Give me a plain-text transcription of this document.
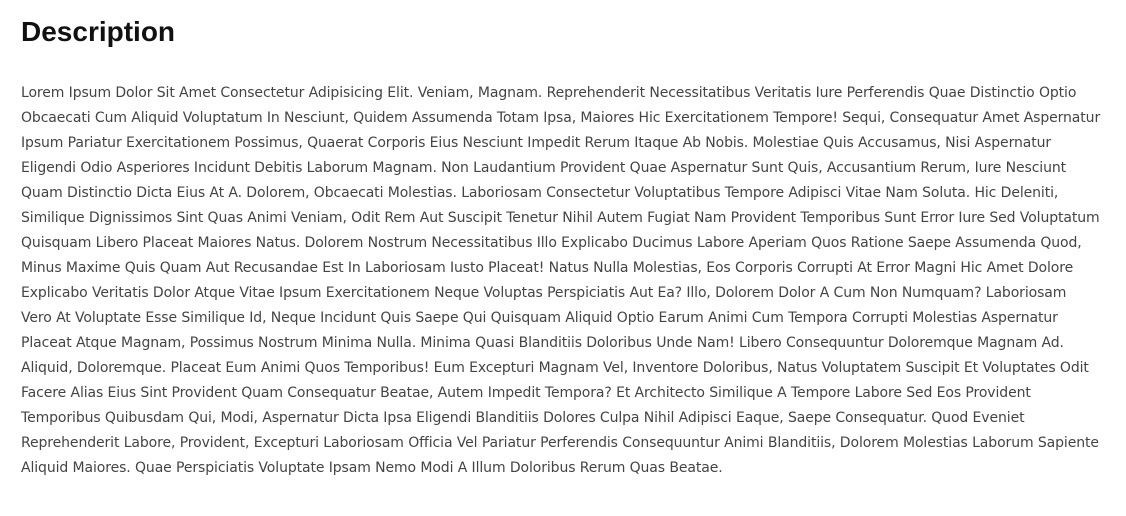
Description

Lorem Ipsum Dolor Sit Amet Consectetur Adipisicing Elit. Veniam, Magnam. Reprehenderit Necessitatibus Veritatis Iure Perferendis Quae Distinctio Optio Obcaecati Cum Aliquid Voluptatum In Nesciunt, Quidem Assumenda Totam Ipsa, Maiores Hic Exercitationem Tempore! Sequi, Consequatur Amet Aspernatur Ipsum Pariatur Exercitationem Possimus, Quaerat Corporis Eius Nesciunt Impedit Rerum Itaque Ab Nobis. Molestiae Quis Accusamus, Nisi Aspernatur Eligendi Odio Asperiores Incidunt Debitis Laborum Magnam. Non Laudantium Provident Quae Aspernatur Sunt Quis, Accusantium Rerum, Iure Nesciunt Quam Distinctio Dicta Eius At A. Dolorem, Obcaecati Molestias. Laboriosam Consectetur Voluptatibus Tempore Adipisci Vitae Nam Soluta. Hic Deleniti, Similique Dignissimos Sint Quas Animi Veniam, Odit Rem Aut Suscipit Tenetur Nihil Autem Fugiat Nam Provident Temporibus Sunt Error Iure Sed Voluptatum Quisquam Libero Placeat Maiores Natus. Dolorem Nostrum Necessitatibus Illo Explicabo Ducimus Labore Aperiam Quos Ratione Saepe Assumenda Quod, Minus Maxime Quis Quam Aut Recusandae Est In Laboriosam Iusto Placeat! Natus Nulla Molestias, Eos Corporis Corrupti At Error Magni Hic Amet Dolore Explicabo Veritatis Dolor Atque Vitae Ipsum Exercitationem Neque Voluptas Perspiciatis Aut Ea? Illo, Dolorem Dolor A Cum Non Numquam? Laboriosam Vero At Voluptate Esse Similique Id, Neque Incidunt Quis Saepe Qui Quisquam Aliquid Optio Earum Animi Cum Tempora Corrupti Molestias Aspernatur Placeat Atque Magnam, Possimus Nostrum Minima Nulla. Minima Quasi Blanditiis Doloribus Unde Nam! Libero Consequuntur Doloremque Magnam Ad. Aliquid, Doloremque. Placeat Eum Animi Quos Temporibus! Eum Excepturi Magnam Vel, Inventore Doloribus, Natus Voluptatem Suscipit Et Voluptates Odit Facere Alias Eius Sint Provident Quam Consequatur Beatae, Autem Impedit Tempora? Et Architecto Similique A Tempore Labore Sed Eos Provident Temporibus Quibusdam Qui, Modi, Aspernatur Dicta Ipsa Eligendi Blanditiis Dolores Culpa Nihil Adipisci Eaque, Saepe Consequatur. Quod Eveniet Reprehenderit Labore, Provident, Excepturi Laboriosam Officia Vel Pariatur Perferendis Consequuntur Animi Blanditiis, Dolorem Molestias Laborum Sapiente Aliquid Maiores. Quae Perspiciatis Voluptate Ipsam Nemo Modi A Illum Doloribus Rerum Quas Beatae.
